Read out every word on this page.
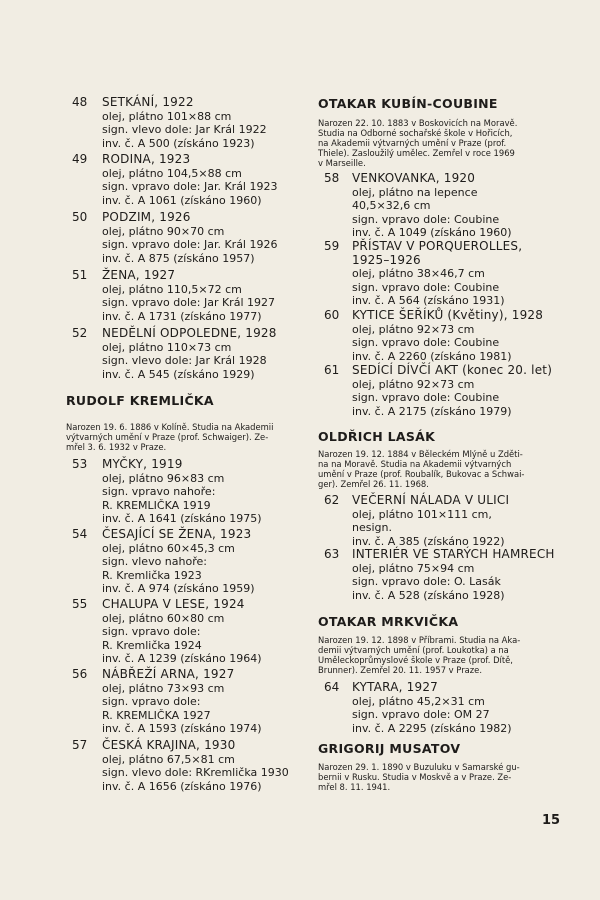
48	SETKÁNÍ, 1922
olej, plátno 101×88 cm
sign. vlevo dole: Jar Král 1922
inv. č. A 500 (získáno 1923)
49	RODINA, 1923
olej, plátno 104,5×88 cm
sign. vpravo dole: Jar. Král 1923
inv. č. A 1061 (získáno 1960)
50	PODZIM, 1926
olej, plátno 90×70 cm
sign. vpravo dole: Jar. Král 1926
inv. č. A 875 (získáno 1957)
51	ŽENA, 1927
olej, plátno 110,5×72 cm
sign. vpravo dole: Jar Král 1927
inv. č. A 1731 (získáno 1977)
52	NEDĚLNÍ ODPOLEDNE, 1928
olej, plátno 110×73 cm
sign. vlevo dole: Jar Král 1928
inv. č. A 545 (získáno 1929)
RUDOLF KREMLIČKA
Narozen 19. 6. 1886 v Kolíně. Studia na Akademii
výtvarných umění v Praze (prof. Schwaiger). Ze-
mřel 3. 6. 1932 v Praze.
53	MYČKY, 1919
olej, plátno 96×83 cm
sign. vpravo nahoře:
R. KREMLIČKA 1919
inv. č. A 1641 (získáno 1975)
54	ČESAJÍCÍ SE ŽENA, 1923
olej, plátno 60×45,3 cm
sign. vlevo nahoře:
R. Kremlička 1923
inv. č. A 974 (získáno 1959)
55	CHALUPA V LESE, 1924
olej, plátno 60×80 cm
sign. vpravo dole:
R. Kremlička 1924
inv. č. A 1239 (získáno 1964)
56	NÁBŘEŽÍ ARNA, 1927
olej, plátno 73×93 cm
sign. vpravo dole:
R. KREMLIČKA 1927
inv. č. A 1593 (získáno 1974)
57	ČESKÁ KRAJINA, 1930
olej, plátno 67,5×81 cm
sign. vlevo dole: RKremlička 1930
inv. č. A 1656 (získáno 1976)
OTAKAR KUBÍN-COUBINE
Narozen 22. 10. 1883 v Boskovicích na Moravě.
Studia na Odborné sochařské škole v Hořicích,
na Akademii výtvarných umění v Praze (prof.
Thiele). Zasloužilý umělec. Zemřel v roce 1969
v Marseille.
58	VENKOVANKA, 1920
olej, plátno na lepence
40,5×32,6 cm
sign. vpravo dole: Coubine
inv. č. A 1049 (získáno 1960)
59	PŘÍSTAV V PORQUEROLLES,
1925–1926
olej, plátno 38×46,7 cm
sign. vpravo dole: Coubine
inv. č. A 564 (získáno 1931)
60	KYTICE ŠEŘÍKŮ (Květiny), 1928
olej, plátno 92×73 cm
sign. vpravo dole: Coubine
inv. č. A 2260 (získáno 1981)
61	SEDÍCÍ DÍVČÍ AKT (konec 20. let)
olej, plátno 92×73 cm
sign. vpravo dole: Coubine
inv. č. A 2175 (získáno 1979)
OLDŘICH LASÁK
Narozen 19. 12. 1884 v Běleckém Mlýně u Zděti-
na na Moravě. Studia na Akademii výtvarných
umění v Praze (prof. Roubalík, Bukovac a Schwai-
ger). Zemřel 26. 11. 1968.
62	VEČERNÍ NÁLADA V ULICI
olej, plátno 101×111 cm,
nesign.
inv. č. A 385 (získáno 1922)
63	INTERIÉR VE STARÝCH HAMRECH
olej, plátno 75×94 cm
sign. vpravo dole: O. Lasák
inv. č. A 528 (získáno 1928)
OTAKAR MRKVIČKA
Narozen 19. 12. 1898 v Příbrami. Studia na Aka-
demii výtvarných umění (prof. Loukotka) a na
Uměleckoprůmyslové škole v Praze (prof. Dítě,
Brunner). Zemřel 20. 11. 1957 v Praze.
64	KYTARA, 1927
olej, plátno 45,2×31 cm
sign. vpravo dole: OM 27
inv. č. A 2295 (získáno 1982)
GRIGORIJ MUSATOV
Narozen 29. 1. 1890 v Buzuluku v Samarské gu-
bernii v Rusku. Studia v Moskvě a v Praze. Ze-
mřel 8. 11. 1941.
15
